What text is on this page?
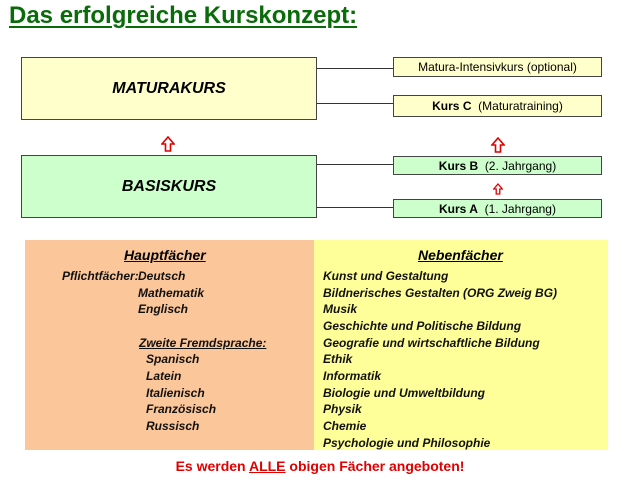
Das erfolgreiche Kurskonzept:
MATURAKURS
BASISKURS
Matura-Intensivkurs (optional)
Kurs C
(Maturatraining)
Kurs B
(2. Jahrgang)
Kurs A
(1. Jahrgang)
Hauptfächer	Nebenfächer
Pflichtfächer: Deutsch
Mathematik
Englisch
Zweite Fremdsprache:
Spanisch
Latein
Italienisch
Französisch
Russisch
Kunst und Gestaltung
Bildnerisches Gestalten (ORG Zweig BG)
Musik
Geschichte und Politische Bildung
Geografie und wirtschaftliche Bildung
Ethik
Informatik
Biologie und Umweltbildung
Physik
Chemie
Psychologie und Philosophie
Es werden ALLE obigen Fächer angeboten!
